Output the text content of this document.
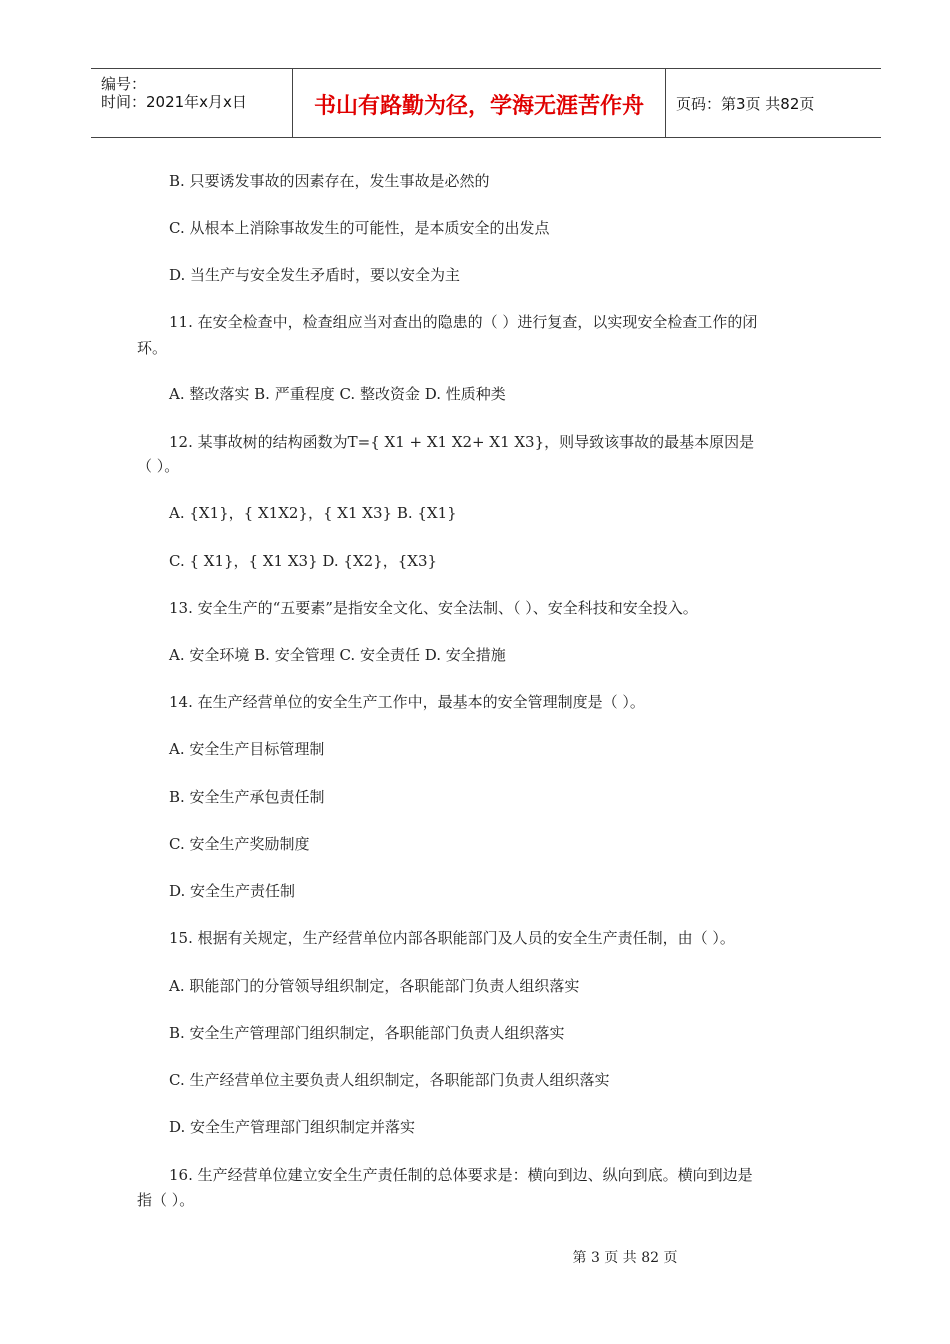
编号：
时间：2021年x月x日	书山有路勤为径，学海无涯苦作舟	页码：第3页 共82页
B. 只要诱发事故的因素存在，发生事故是必然的
C. 从根本上消除事故发生的可能性，是本质安全的出发点
D. 当生产与安全发生矛盾时，要以安全为主
11. 在安全检查中，检查组应当对查出的隐患的（ ）进行复查，以实现安全检查工作的闭
环。
A. 整改落实 B. 严重程度 C. 整改资金 D. 性质种类
12. 某事故树的结构函数为T={ X1 + X1 X2+ X1 X3}，则导致该事故的最基本原因是
（ ）。
A. {X1}，{ X1X2}，{ X1 X3} B. {X1}
C. { X1}，{ X1 X3} D. {X2}，{X3}
13. 安全生产的“五要素”是指安全文化、安全法制、（ ）、安全科技和安全投入。
A. 安全环境 B. 安全管理 C. 安全责任 D. 安全措施
14. 在生产经营单位的安全生产工作中，最基本的安全管理制度是（ ）。
A. 安全生产目标管理制
B. 安全生产承包责任制
C. 安全生产奖励制度
D. 安全生产责任制
15. 根据有关规定，生产经营单位内部各职能部门及人员的安全生产责任制，由（ ）。
A. 职能部门的分管领导组织制定，各职能部门负责人组织落实
B. 安全生产管理部门组织制定，各职能部门负责人组织落实
C. 生产经营单位主要负责人组织制定，各职能部门负责人组织落实
D. 安全生产管理部门组织制定并落实
16. 生产经营单位建立安全生产责任制的总体要求是：横向到边、纵向到底。横向到边是
指（ ）。
第 3 页 共 82 页
